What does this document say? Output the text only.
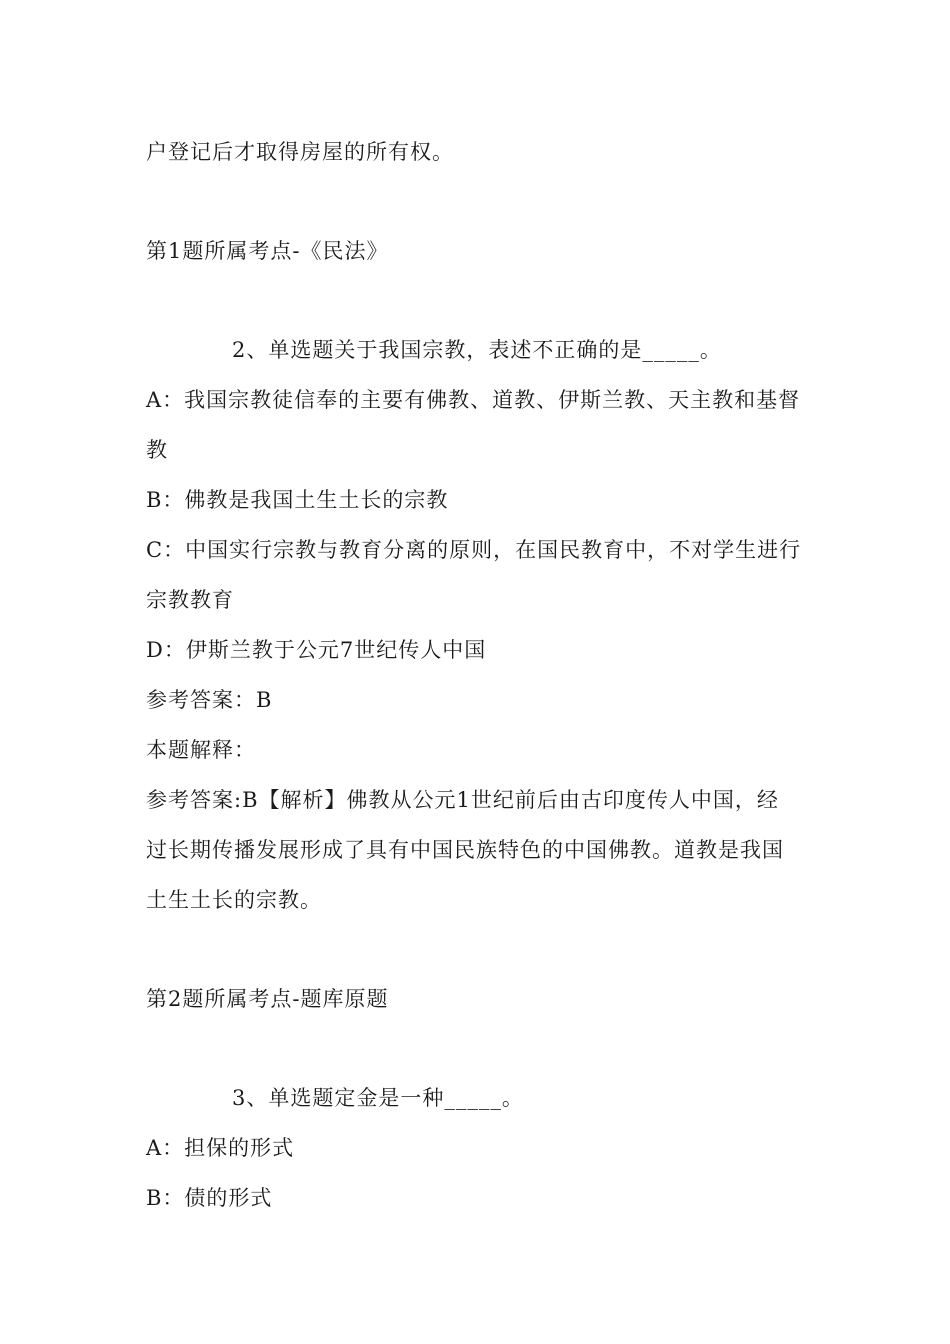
户登记后才取得房屋的所有权。
第1题所属考点-《民法》
2、单选题关于我国宗教，表述不正确的是_____。
A：我国宗教徒信奉的主要有佛教、道教、伊斯兰教、天主教和基督
教
B：佛教是我国土生土长的宗教
C：中国实行宗教与教育分离的原则，在国民教育中，不对学生进行
宗教教育
D：伊斯兰教于公元7世纪传人中国
参考答案：B
本题解释：
参考答案:B【解析】佛教从公元1世纪前后由古印度传人中国，经
过长期传播发展形成了具有中国民族特色的中国佛教。道教是我国
土生土长的宗教。
第2题所属考点-题库原题
3、单选题定金是一种_____。
A：担保的形式
B：债的形式
